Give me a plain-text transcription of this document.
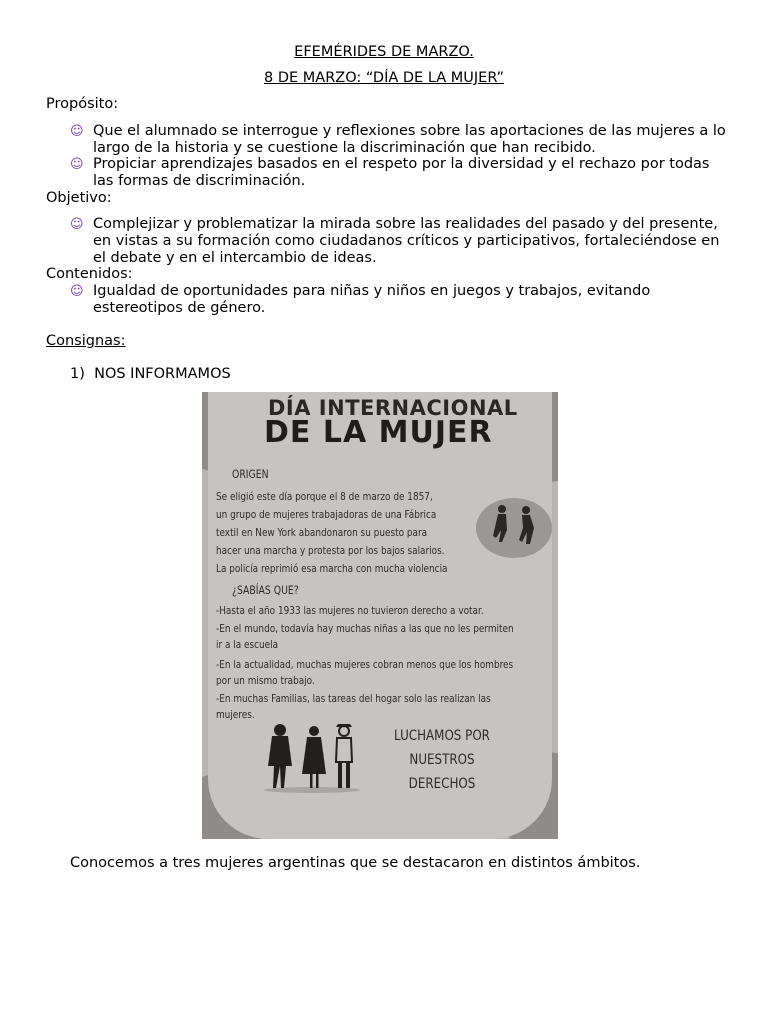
EFEMÉRIDES DE MARZO.
8 DE MARZO: “DÍA DE LA MUJER”
Propósito:
☺ Que el alumnado se interrogue y reflexiones sobre las aportaciones de las mujeres a lo
largo de la historia y se cuestione la discriminación que han recibido.
☺ Propiciar aprendizajes basados en el respeto por la diversidad y el rechazo por todas
las formas de discriminación.
Objetivo:
☺ Complejizar y problematizar la mirada sobre las realidades del pasado y del presente,
en vistas a su formación como ciudadanos críticos y participativos, fortaleciéndose en
el debate y en el intercambio de ideas.
Contenidos:
☺ Igualdad de oportunidades para niñas y niños en juegos y trabajos, evitando
estereotipos de género.
Consignas:
1)  NOS INFORMAMOS
DÍA INTERNACIONAL
DE LA MUJER
ORIGEN
Se eligió este día porque el 8 de marzo de 1857,
un grupo de mujeres trabajadoras de una Fábrica
textil en New York abandonaron su puesto para
hacer una marcha y protesta por los bajos salarios.
La policía reprimió esa marcha con mucha violencia
¿SABÍAS QUE?
-Hasta el año 1933 las mujeres no tuvieron derecho a votar.
-En el mundo, todavía hay muchas niñas a las que no les permiten
ir a la escuela
-En la actualidad, muchas mujeres cobran menos que los hombres
por un mismo trabajo.
-En muchas Familias, las tareas del hogar solo las realizan las
mujeres.
LUCHAMOS POR
NUESTROS
DERECHOS
Conocemos a tres mujeres argentinas que se destacaron en distintos ámbitos.
